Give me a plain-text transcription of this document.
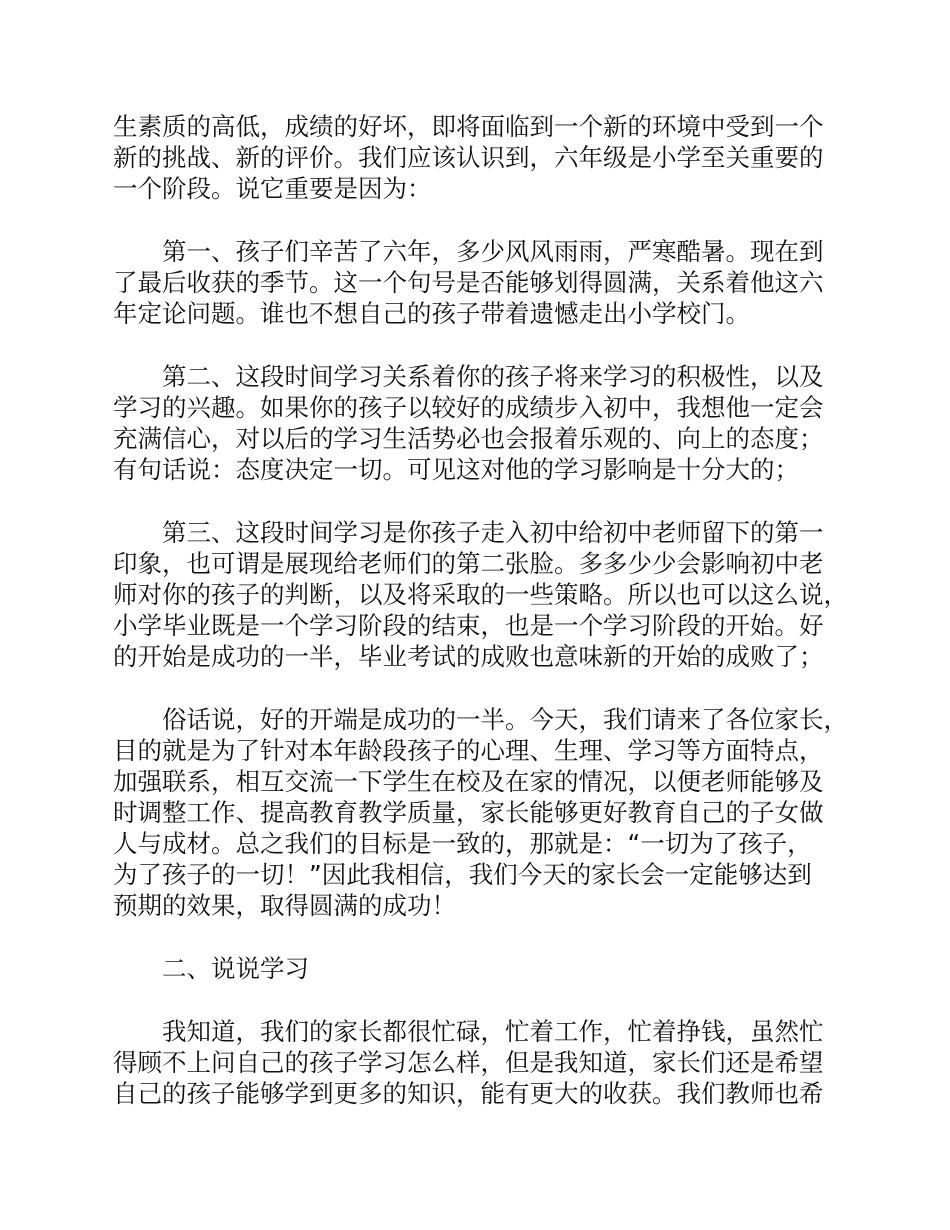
生素质的高低，成绩的好坏，即将面临到一个新的环境中受到一个
新的挑战、新的评价。我们应该认识到，六年级是小学至关重要的
一个阶段。说它重要是因为：
第一、孩子们辛苦了六年，多少风风雨雨，严寒酷暑。现在到
了最后收获的季节。这一个句号是否能够划得圆满，关系着他这六
年定论问题。谁也不想自己的孩子带着遗憾走出小学校门。
第二、这段时间学习关系着你的孩子将来学习的积极性，以及
学习的兴趣。如果你的孩子以较好的成绩步入初中，我想他一定会
充满信心，对以后的学习生活势必也会报着乐观的、向上的态度；
有句话说：态度决定一切。可见这对他的学习影响是十分大的；
第三、这段时间学习是你孩子走入初中给初中老师留下的第一
印象，也可谓是展现给老师们的第二张脸。多多少少会影响初中老
师对你的孩子的判断，以及将采取的一些策略。所以也可以这么说，
小学毕业既是一个学习阶段的结束，也是一个学习阶段的开始。好
的开始是成功的一半，毕业考试的成败也意味新的开始的成败了；
俗话说，好的开端是成功的一半。今天，我们请来了各位家长，
目的就是为了针对本年龄段孩子的心理、生理、学习等方面特点，
加强联系，相互交流一下学生在校及在家的情况，以便老师能够及
时调整工作、提高教育教学质量，家长能够更好教育自己的子女做
人与成材。总之我们的目标是一致的，那就是：“一切为了孩子，
为了孩子的一切！”因此我相信，我们今天的家长会一定能够达到
预期的效果，取得圆满的成功！
二、说说学习
我知道，我们的家长都很忙碌，忙着工作，忙着挣钱，虽然忙
得顾不上问自己的孩子学习怎么样，但是我知道，家长们还是希望
自己的孩子能够学到更多的知识，能有更大的收获。我们教师也希
